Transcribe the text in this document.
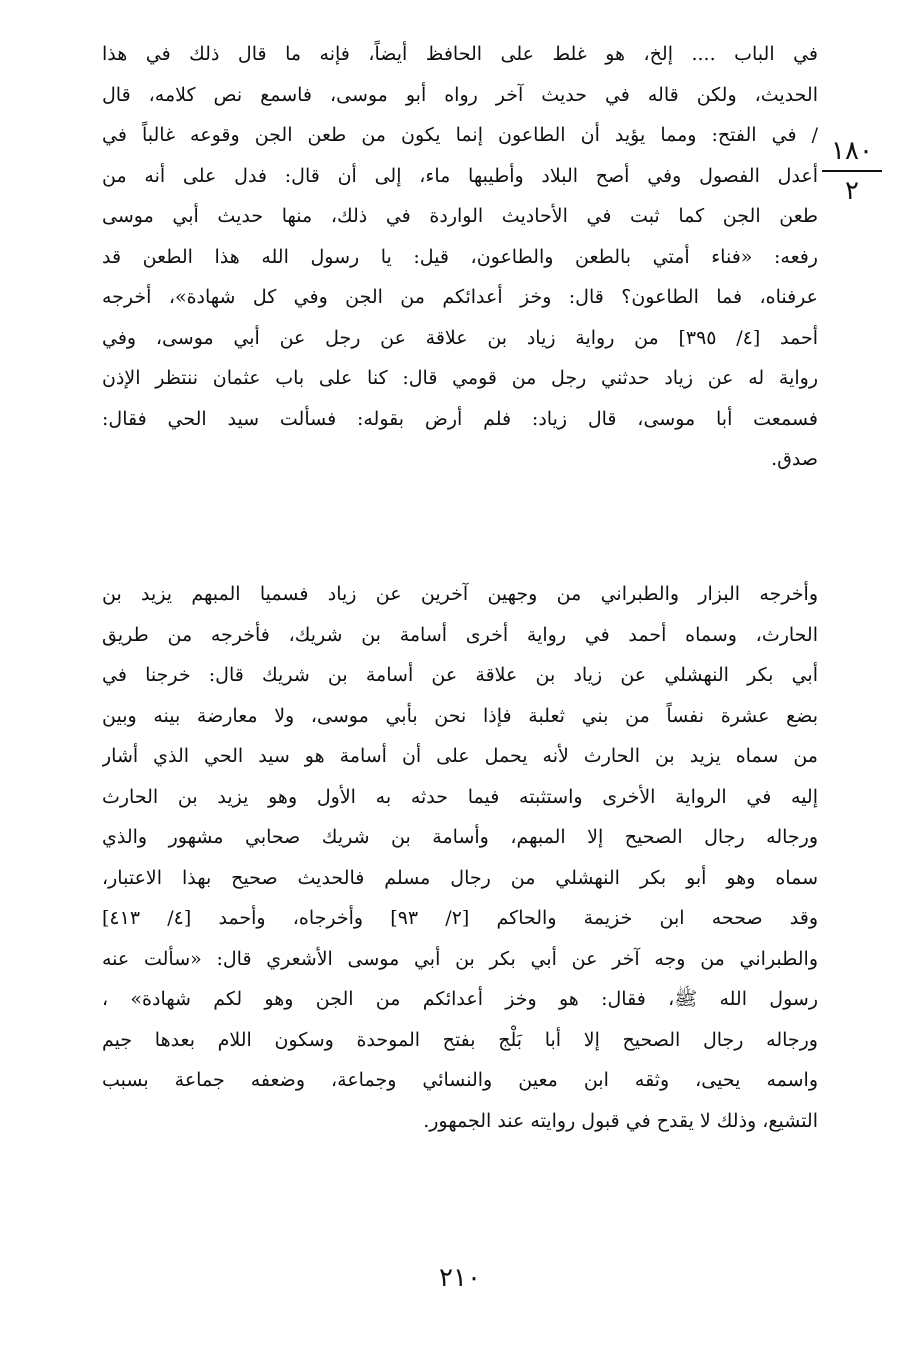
١٨٠
٢
في الباب .... إلخ، هو غلط على الحافظ أيضاً، فإنه ما قال ذلك في هذا
الحديث، ولكن قاله في حديث آخر رواه أبو موسى، فاسمع نص كلامه، قال
/ في الفتح: ومما يؤيد أن الطاعون إنما يكون من طعن الجن وقوعه غالباً في
أعدل الفصول وفي أصح البلاد وأطيبها ماء، إلى أن قال: فدل على أنه من
طعن الجن كما ثبت في الأحاديث الواردة في ذلك، منها حديث أبي موسى
رفعه: «فناء أمتي بالطعن والطاعون، قيل: يا رسول الله هذا الطعن قد
عرفناه، فما الطاعون؟ قال: وخز أعدائكم من الجن وفي كل شهادة»، أخرجه
أحمد [٤/ ٣٩٥] من رواية زياد بن علاقة عن رجل عن أبي موسى، وفي
رواية له عن زياد حدثني رجل من قومي قال: كنا على باب عثمان ننتظر الإذن
فسمعت أبا موسى، قال زياد: فلم أرض بقوله: فسألت سيد الحي فقال:
صدق.
وأخرجه البزار والطبراني من وجهين آخرين عن زياد فسميا المبهم يزيد بن
الحارث، وسماه أحمد في رواية أخرى أسامة بن شريك، فأخرجه من طريق
أبي بكر النهشلي عن زياد بن علاقة عن أسامة بن شريك قال: خرجنا في
بضع عشرة نفساً من بني ثعلبة فإذا نحن بأبي موسى، ولا معارضة بينه وبين
من سماه يزيد بن الحارث لأنه يحمل على أن أسامة هو سيد الحي الذي أشار
إليه في الرواية الأخرى واستثبته فيما حدثه به الأول وهو يزيد بن الحارث
ورجاله رجال الصحيح إلا المبهم، وأسامة بن شريك صحابي مشهور والذي
سماه وهو أبو بكر النهشلي من رجال مسلم فالحديث صحيح بهذا الاعتبار،
وقد صححه ابن خزيمة والحاكم [٢/ ٩٣] وأخرجاه، وأحمد [٤/ ٤١٣]
والطبراني من وجه آخر عن أبي بكر بن أبي موسى الأشعري قال: «سألت عنه
رسول الله ﷺ، فقال: هو وخز أعدائكم من الجن وهو لكم شهادة» ،
ورجاله رجال الصحيح إلا أبا بَلْج بفتح الموحدة وسكون اللام بعدها جيم
واسمه يحيى، وثقه ابن معين والنسائي وجماعة، وضعفه جماعة بسبب
التشيع، وذلك لا يقدح في قبول روايته عند الجمهور.
٢١٠
